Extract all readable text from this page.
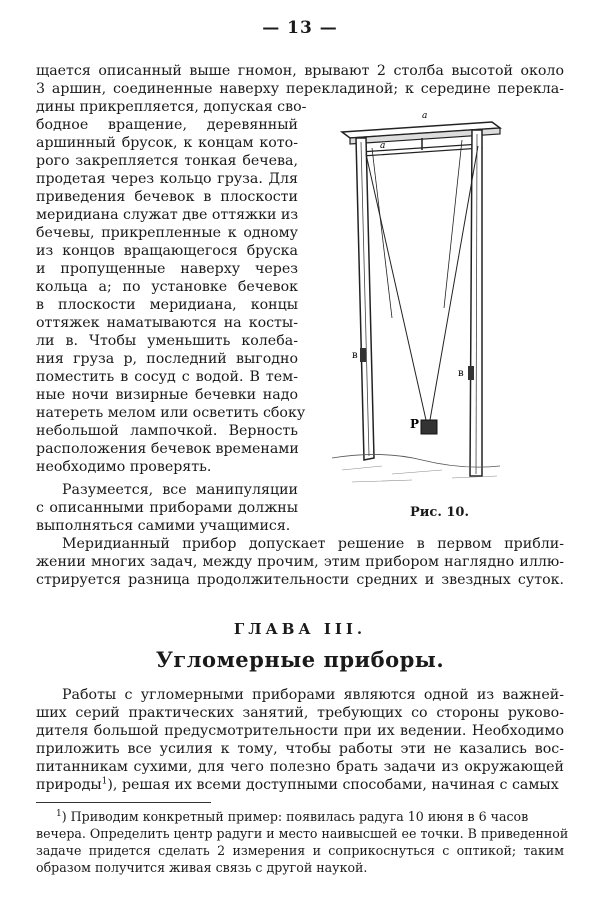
— 13 —
щается описанный выше гномон, врывают 2 столба высотой около
3 аршин, соединенные наверху перекладиной; к середине перекла-
дины прикрепляется, допуская сво-
бодное вращение, деревянный
аршинный брусок, к концам кото-
рого закрепляется тонкая бечева,
продетая через кольцо груза. Для
приведения бечевок в плоскости
меридиана служат две оттяжки из
бечевы, прикрепленные к одному
из концов вращающегося бруска
и пропущенные наверху через
кольца a; по установке бечевок
в плоскости меридиана, концы
оттяжек наматываются на косты-
ли в. Чтобы уменьшить колеба-
ния груза p, последний выгодно
поместить в сосуд с водой. В тем-
ные ночи визирные бечевки надо
натереть мелом или осветить сбоку
небольшой лампочкой. Верность
расположения бечевок временами
необходимо проверять.
Разумеется, все манипуляции
с описанными приборами должны
выполняться самими учащимися.
a
a
в
в
P
Рис. 10.
Меридианный прибор допускает решение в первом прибли-
жении многих задач, между прочим, этим прибором наглядно иллю-
стрируется разница продолжительности средних и звездных суток.
ГЛАВА III.
Угломерные приборы.
Работы с угломерными приборами являются одной из важней-
ших серий практических занятий, требующих со стороны руково-
дителя большой предусмотрительности при их ведении. Необходимо
приложить все усилия к тому, чтобы работы эти не казались вос-
питанникам сухими, для чего полезно брать задачи из окружающей
природы$^1$), решая их всеми доступными способами, начиная с самых
$^1$) Приводим конкретный пример: появилась радуга 10 июня в 6 часов
вечера. Определить центр радуги и место наивысшей ее точки. В приведенной
задаче придется сделать 2 измерения и соприкоснуться с оптикой; таким
образом получится живая связь с другой наукой.
